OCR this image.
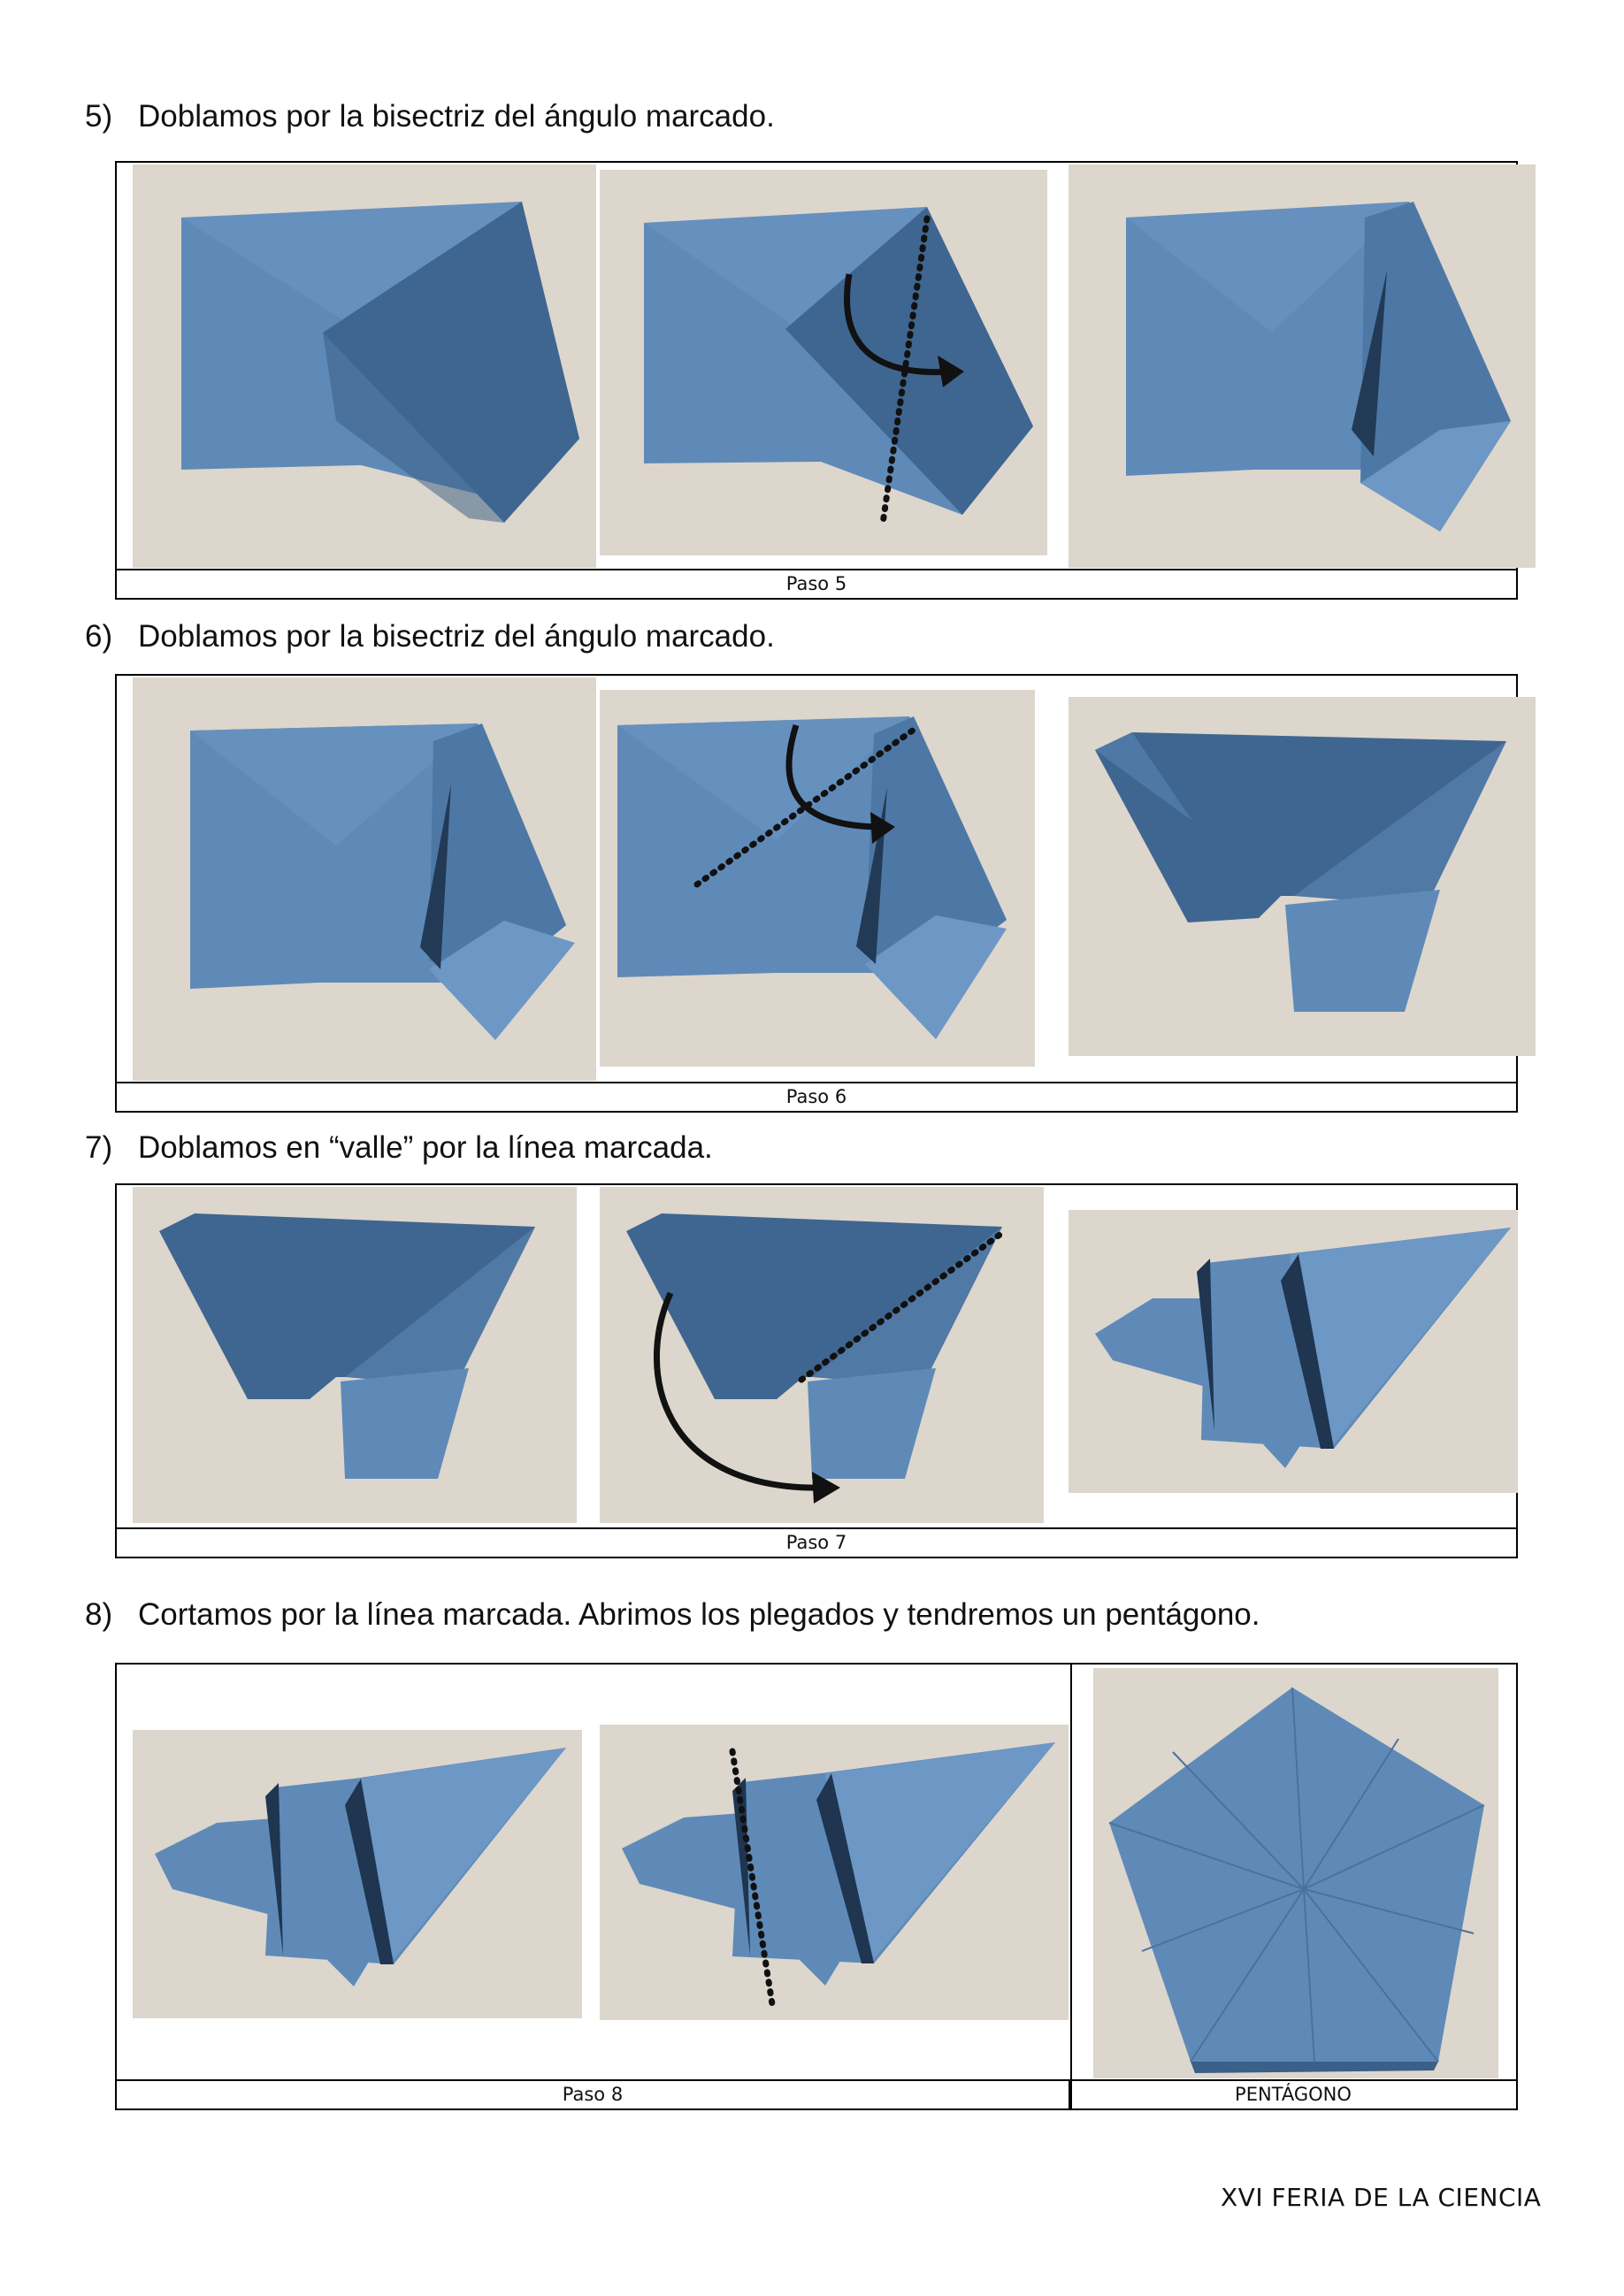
5) Doblamos por la bisectriz del ángulo marcado.
Paso 5
6) Doblamos por la bisectriz del ángulo marcado.
Paso 6
7) Doblamos en “valle” por la línea marcada.
Paso 7
8) Cortamos por la línea marcada. Abrimos los plegados y tendremos un pentágono.
Paso 8	PENTÁGONO
XVI FERIA DE LA CIENCIA
